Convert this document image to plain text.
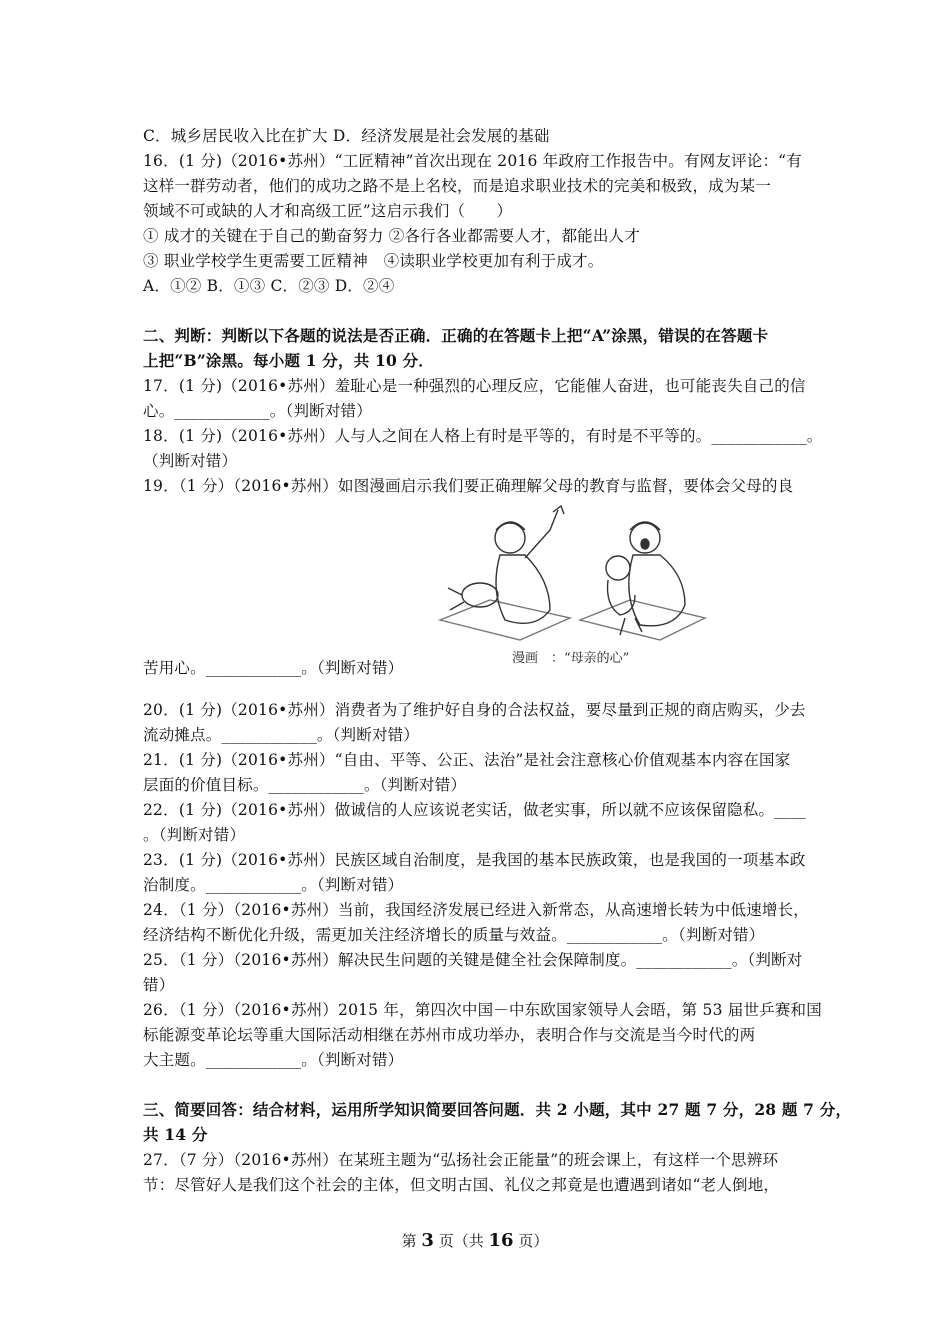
C．城乡居民收入比在扩大 D．经济发展是社会发展的基础
16．(1 分)（2016•苏州）“工匠精神”首次出现在 2016 年政府工作报告中。有网友评论：“有
这样一群劳动者，他们的成功之路不是上名校，而是追求职业技术的完美和极致，成为某一
领域不可或缺的人才和高级工匠”这启示我们（　　）
① 成才的关键在于自己的勤奋努力 ②各行各业都需要人才，都能出人才
③ 职业学校学生更需要工匠精神　④读职业学校更加有利于成才。
A．①② B．①③ C．②③ D．②④
二、判断：判断以下各题的说法是否正确．正确的在答题卡上把“A”涂黑，错误的在答题卡
上把“B”涂黑。每小题 1 分，共 10 分．
17．(1 分)（2016•苏州）羞耻心是一种强烈的心理反应，它能催人奋进，也可能丧失自己的信
心。____________。（判断对错）
18．(1 分)（2016•苏州）人与人之间在人格上有时是平等的，有时是不平等的。____________。
（判断对错）
19．（1 分）（2016•苏州）如图漫画启示我们要正确理解父母的教育与监督，要体会父母的良
漫画　：“母亲的心”
苦用心。____________。（判断对错）
20．(1 分)（2016•苏州）消费者为了维护好自身的合法权益，要尽量到正规的商店购买，少去
流动摊点。____________。（判断对错）
21．(1 分)（2016•苏州）“自由、平等、公正、法治”是社会注意核心价值观基本内容在国家
层面的价值目标。____________。（判断对错）
22．(1 分)（2016•苏州）做诚信的人应该说老实话，做老实事，所以就不应该保留隐私。____
。（判断对错）
23．(1 分)（2016•苏州）民族区域自治制度，是我国的基本民族政策，也是我国的一项基本政
治制度。____________。（判断对错）
24．（1 分）（2016•苏州）当前，我国经济发展已经进入新常态，从高速增长转为中低速增长，
经济结构不断优化升级，需更加关注经济增长的质量与效益。____________。（判断对错）
25．（1 分）（2016•苏州）解决民生问题的关键是健全社会保障制度。____________。（判断对
错）
26．（1 分）（2016•苏州）2015 年，第四次中国－中东欧国家领导人会晤，第 53 届世乒赛和国
标能源变革论坛等重大国际活动相继在苏州市成功举办，表明合作与交流是当今时代的两
大主题。____________。（判断对错）
三、简要回答：结合材料，运用所学知识简要回答问题．共 2 小题，其中 27 题 7 分，28 题 7 分，
共 14 分
27．（7 分）（2016•苏州）在某班主题为“弘扬社会正能量”的班会课上，有这样一个思辨环
节：尽管好人是我们这个社会的主体，但文明古国、礼仪之邦竟是也遭遇到诸如“老人倒地，
第 3 页（共 16 页）
